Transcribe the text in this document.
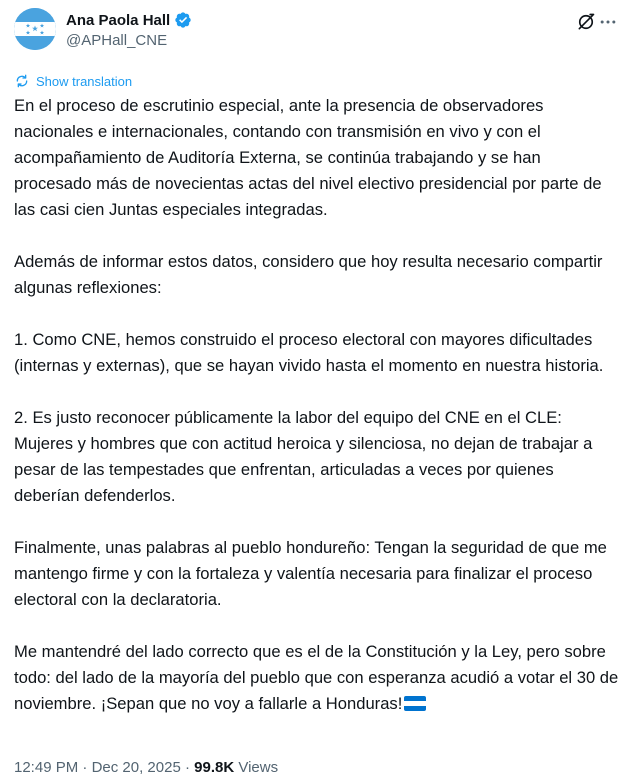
Ana Paola Hall
@APHall_CNE
Show translation

En el proceso de escrutinio especial, ante la presencia de observadores nacionales e internacionales, contando con transmisión en vivo y con el acompañamiento de Auditoría Externa, se continúa trabajando y se han procesado más de novecientas actas del nivel electivo presidencial por parte de las casi cien Juntas especiales integradas.

Además de informar estos datos, considero que hoy resulta necesario compartir algunas reflexiones:

1. Como CNE, hemos construido el proceso electoral con mayores dificultades (internas y externas), que se hayan vivido hasta el momento en nuestra historia.

2. Es justo reconocer públicamente la labor del equipo del CNE en el CLE: Mujeres y hombres que con actitud heroica y silenciosa, no dejan de trabajar a pesar de las tempestades que enfrentan, articuladas a veces por quienes deberían defenderlos.

Finalmente, unas palabras al pueblo hondureño: Tengan la seguridad de que me mantengo firme y con la fortaleza y valentía necesaria para finalizar el proceso electoral con la declaratoria.

Me mantendré del lado correcto que es el de la Constitución y la Ley, pero sobre todo: del lado de la mayoría del pueblo que con esperanza acudió a votar el 30 de noviembre. ¡Sepan que no voy a fallarle a Honduras!

12:49 PM · Dec 20, 2025 · 99.8K Views
